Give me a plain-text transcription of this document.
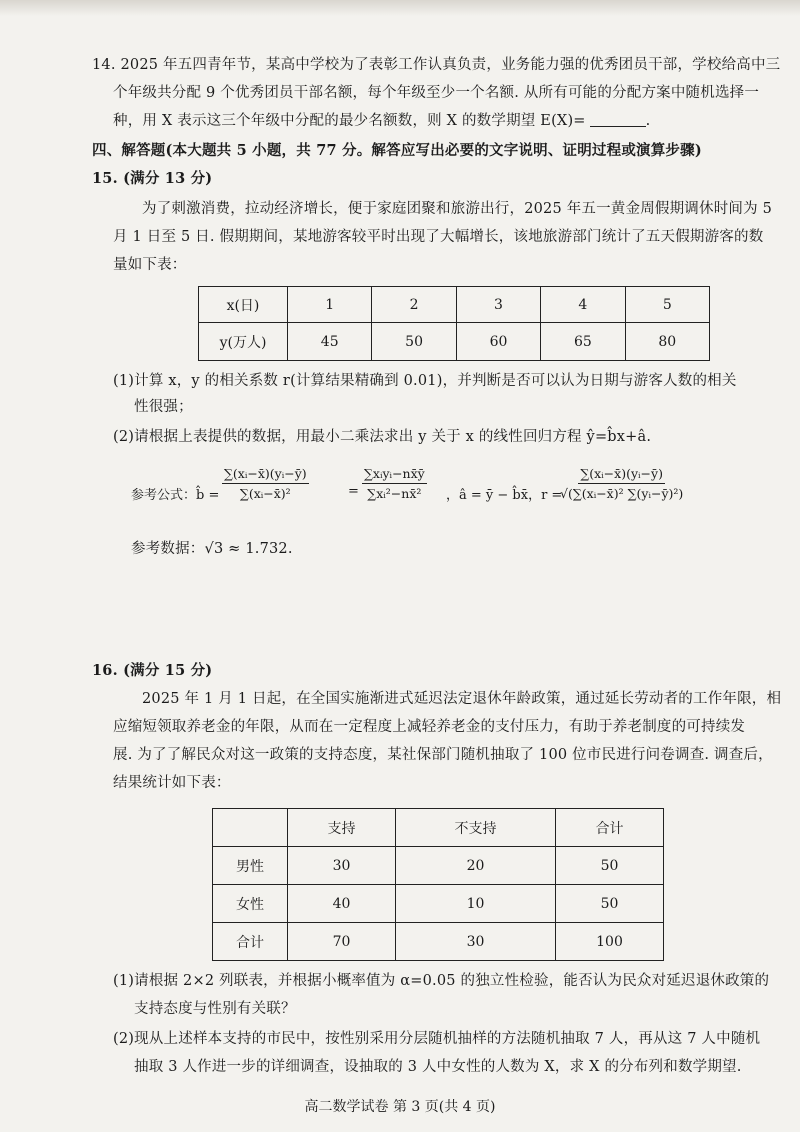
14. 2025 年五四青年节，某高中学校为了表彰工作认真负责，业务能力强的优秀团员干部，学校给高中三
个年级共分配 9 个优秀团员干部名额，每个年级至少一个名额. 从所有可能的分配方案中随机选择一
种，用 X 表示这三个年级中分配的最少名额数，则 X 的数学期望 E(X)=	.
四、解答题(本大题共 5 小题，共 77 分。解答应写出必要的文字说明、证明过程或演算步骤)
15. (满分 13 分)
为了刺激消费，拉动经济增长，便于家庭团聚和旅游出行，2025 年五一黄金周假期调休时间为 5
月 1 日至 5 日. 假期期间，某地游客较平时出现了大幅增长，该地旅游部门统计了五天假期游客的数
量如下表：
x(日)	1	2	3	4	5
y(万人)	45	50	60	65	80
(1)计算 x，y 的相关系数 r(计算结果精确到 0.01)，并判断是否可以认为日期与游客人数的相关
性很强；
(2)请根据上表提供的数据，用最小二乘法求出 y 关于 x 的线性回归方程 ŷ=b̂x+â.
参考公式：b̂ = $\frac{\text{∑(xᵢ−x̄)(yᵢ−ȳ)}}{\text{∑(xᵢ−x̄)²}}$	=
∑xᵢyᵢ−nx̄ȳ
∑xᵢ²−nx̄² ，â = ȳ − b̂x̄，r =
$\frac{\text{∑(xᵢ−x̄)(yᵢ−ȳ)}}{\text{√(∑(xᵢ−x̄)² ∑(yᵢ−ȳ)²)}}$
参考数据：√3 ≈ 1.732.
16. (满分 15 分)
2025 年 1 月 1 日起，在全国实施渐进式延迟法定退休年龄政策，通过延长劳动者的工作年限，相
应缩短领取养老金的年限，从而在一定程度上减轻养老金的支付压力，有助于养老制度的可持续发
展. 为了了解民众对这一政策的支持态度，某社保部门随机抽取了 100 位市民进行问卷调查. 调查后，
结果统计如下表：
	支持	不支持	合计
男性	30	20	50
女性	40	10	50
合计	70	30	100
(1)请根据 2×2 列联表，并根据小概率值为 α=0.05 的独立性检验，能否认为民众对延迟退休政策的
支持态度与性别有关联？
(2)现从上述样本支持的市民中，按性别采用分层随机抽样的方法随机抽取 7 人，再从这 7 人中随机
抽取 3 人作进一步的详细调查，设抽取的 3 人中女性的人数为 X，求 X 的分布列和数学期望.
高二数学试卷 第 3 页(共 4 页)
